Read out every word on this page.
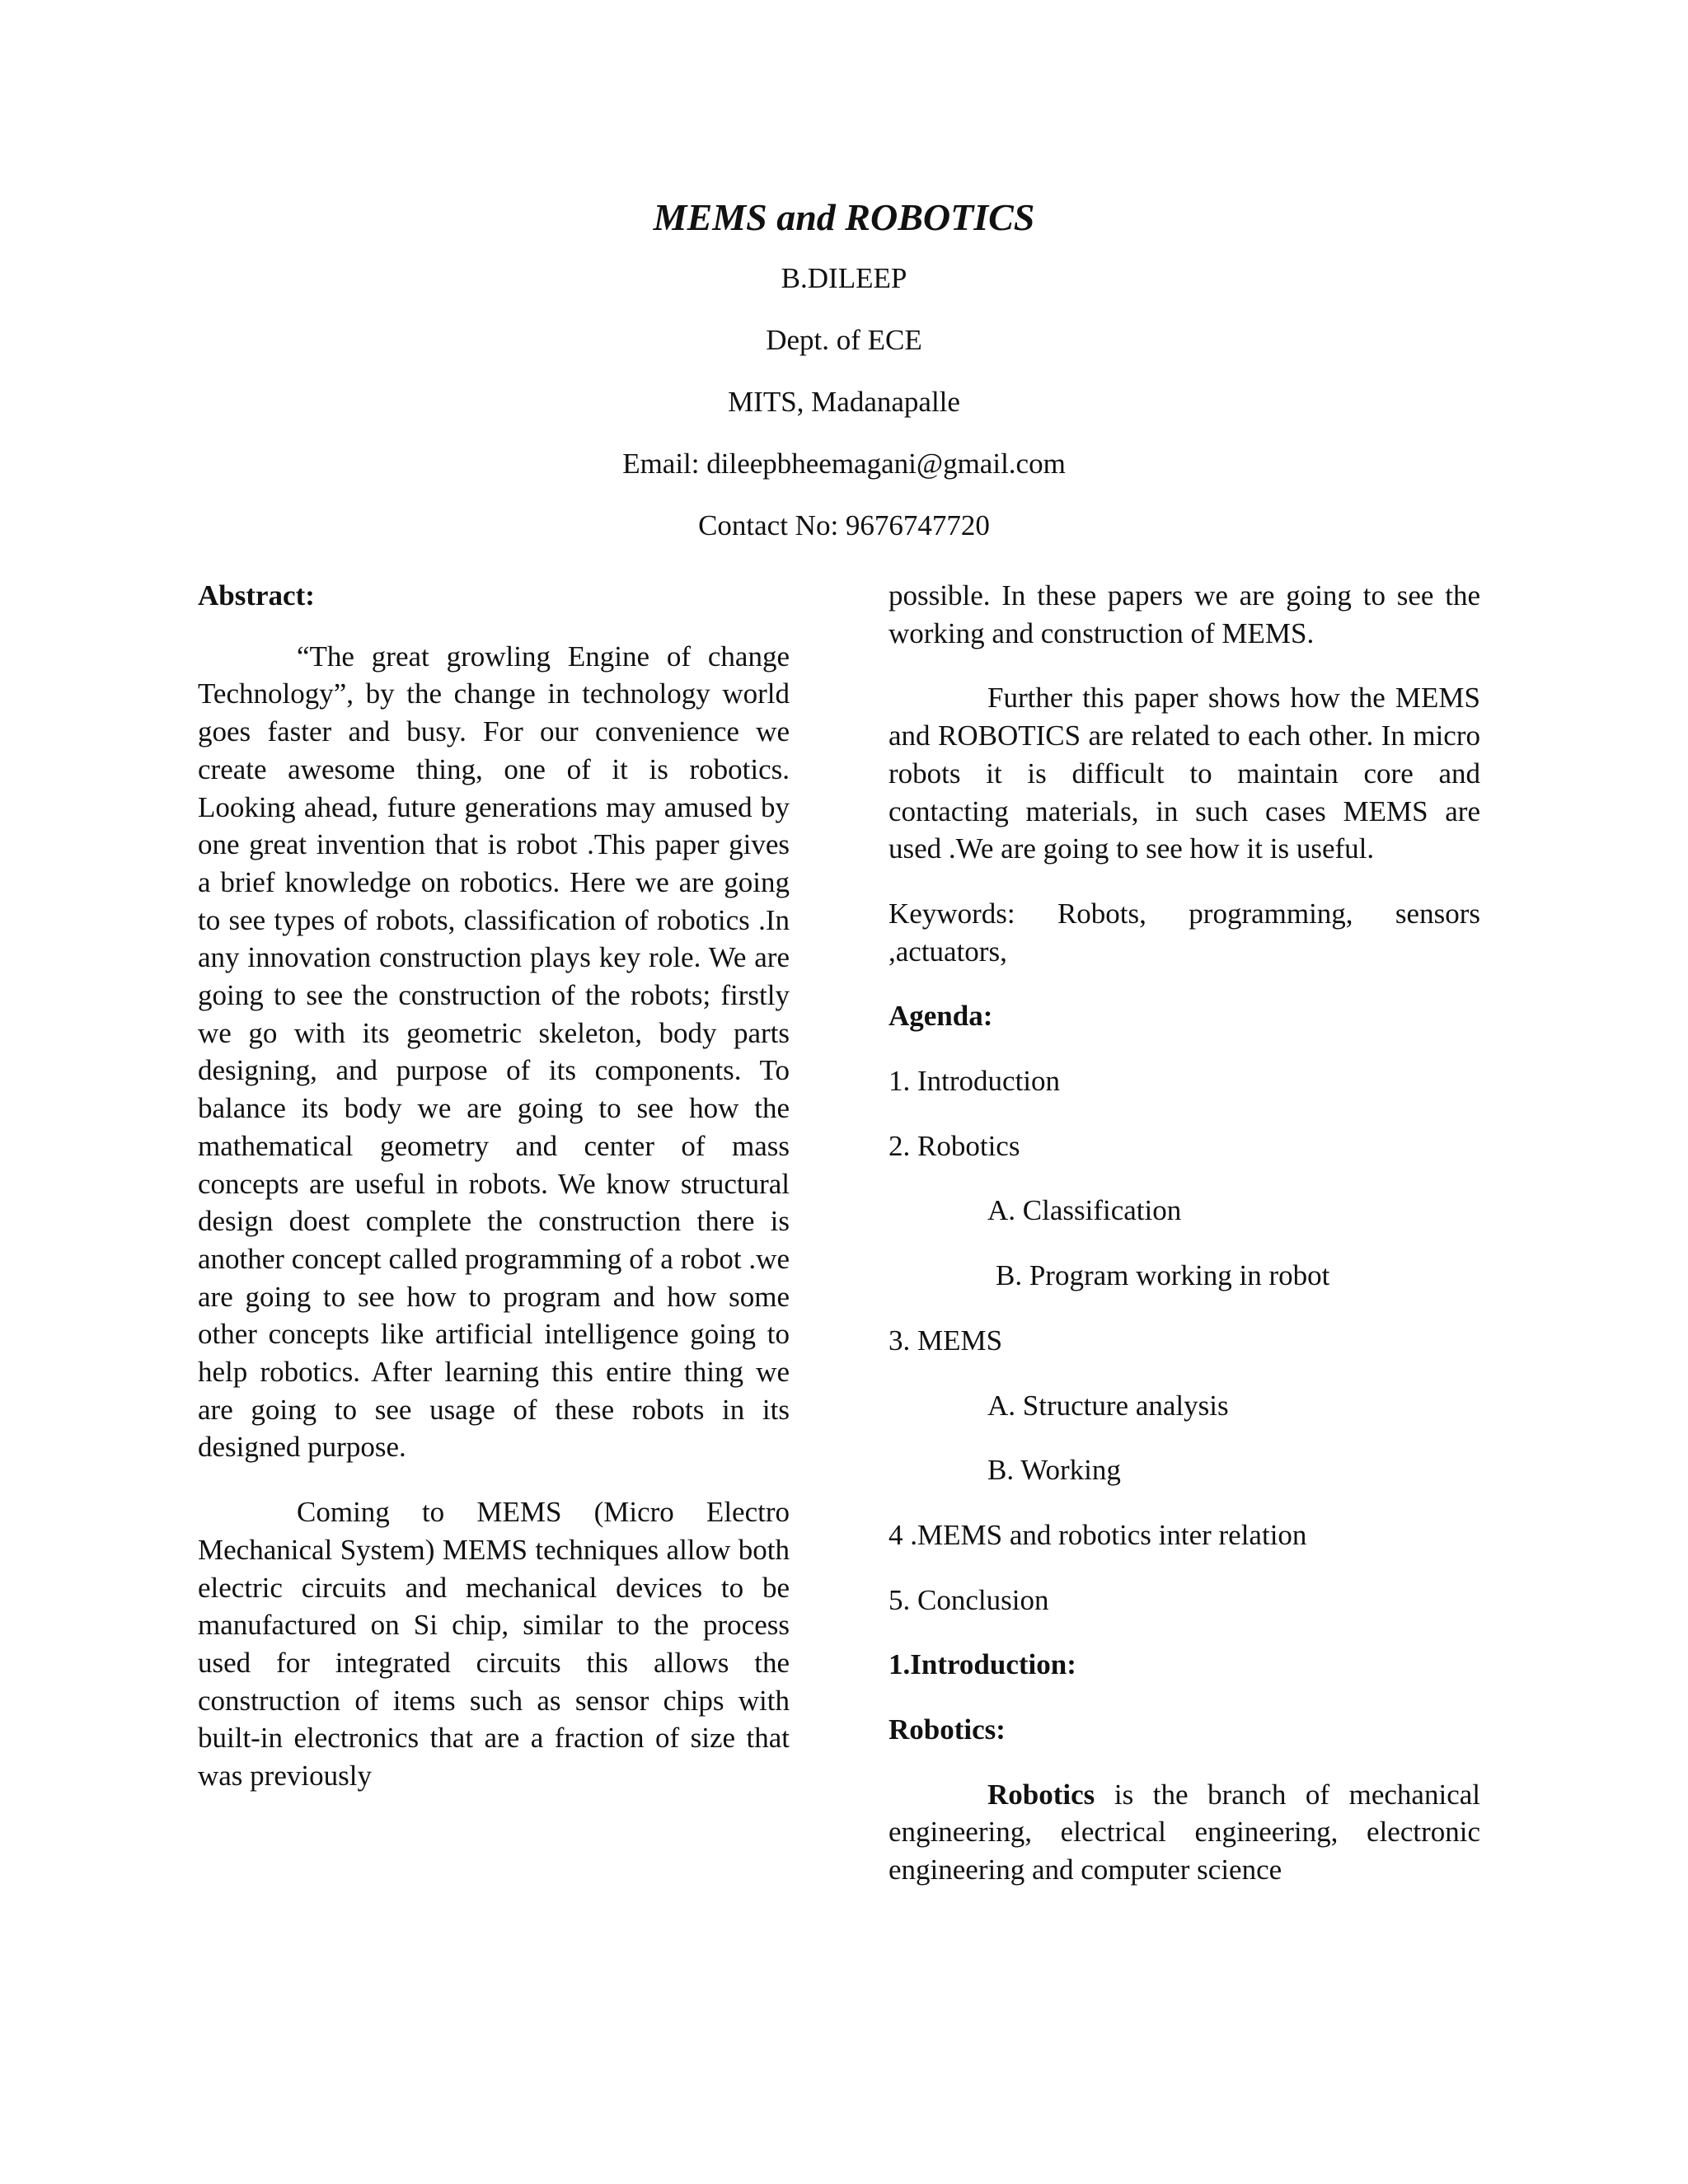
MEMS and ROBOTICS
B.DILEEP
Dept. of ECE
MITS, Madanapalle
Email: dileepbheemagani@gmail.com
Contact No: 9676747720

Abstract:

“The great growling Engine of change Technology”, by the change in technology world goes faster and busy. For our convenience we create awesome thing, one of it is robotics. Looking ahead, future generations may amused by one great invention that is robot .This paper gives a brief knowledge on robotics. Here we are going to see types of robots, classification of robotics .In any innovation construction plays key role. We are going to see the construction of the robots; firstly we go with its geometric skeleton, body parts designing, and purpose of its components. To balance its body we are going to see how the mathematical geometry and center of mass concepts are useful in robots. We know structural design doest complete the construction there is another concept called programming of a robot .we are going to see how to program and how some other concepts like artificial intelligence going to help robotics. After learning this entire thing we are going to see usage of these robots in its designed purpose.

Coming to MEMS (Micro Electro Mechanical System) MEMS techniques allow both electric circuits and mechanical devices to be manufactured on Si chip, similar to the process used for integrated circuits this allows the construction of items such as sensor chips with built-in electronics that are a fraction of size that was previously

possible. In these papers we are going to see the working and construction of MEMS.

Further this paper shows how the MEMS and ROBOTICS are related to each other. In micro robots it is difficult to maintain core and contacting materials, in such cases MEMS are used .We are going to see how it is useful.

Keywords: Robots, programming, sensors ,actuators,

Agenda:

1. Introduction

2. Robotics

A. Classification

B. Program working in robot

3. MEMS

A. Structure analysis

B. Working

4 .MEMS and robotics inter relation

5. Conclusion

1.Introduction:

Robotics:

Robotics is the branch of mechanical engineering, electrical engineering, electronic engineering and computer science
